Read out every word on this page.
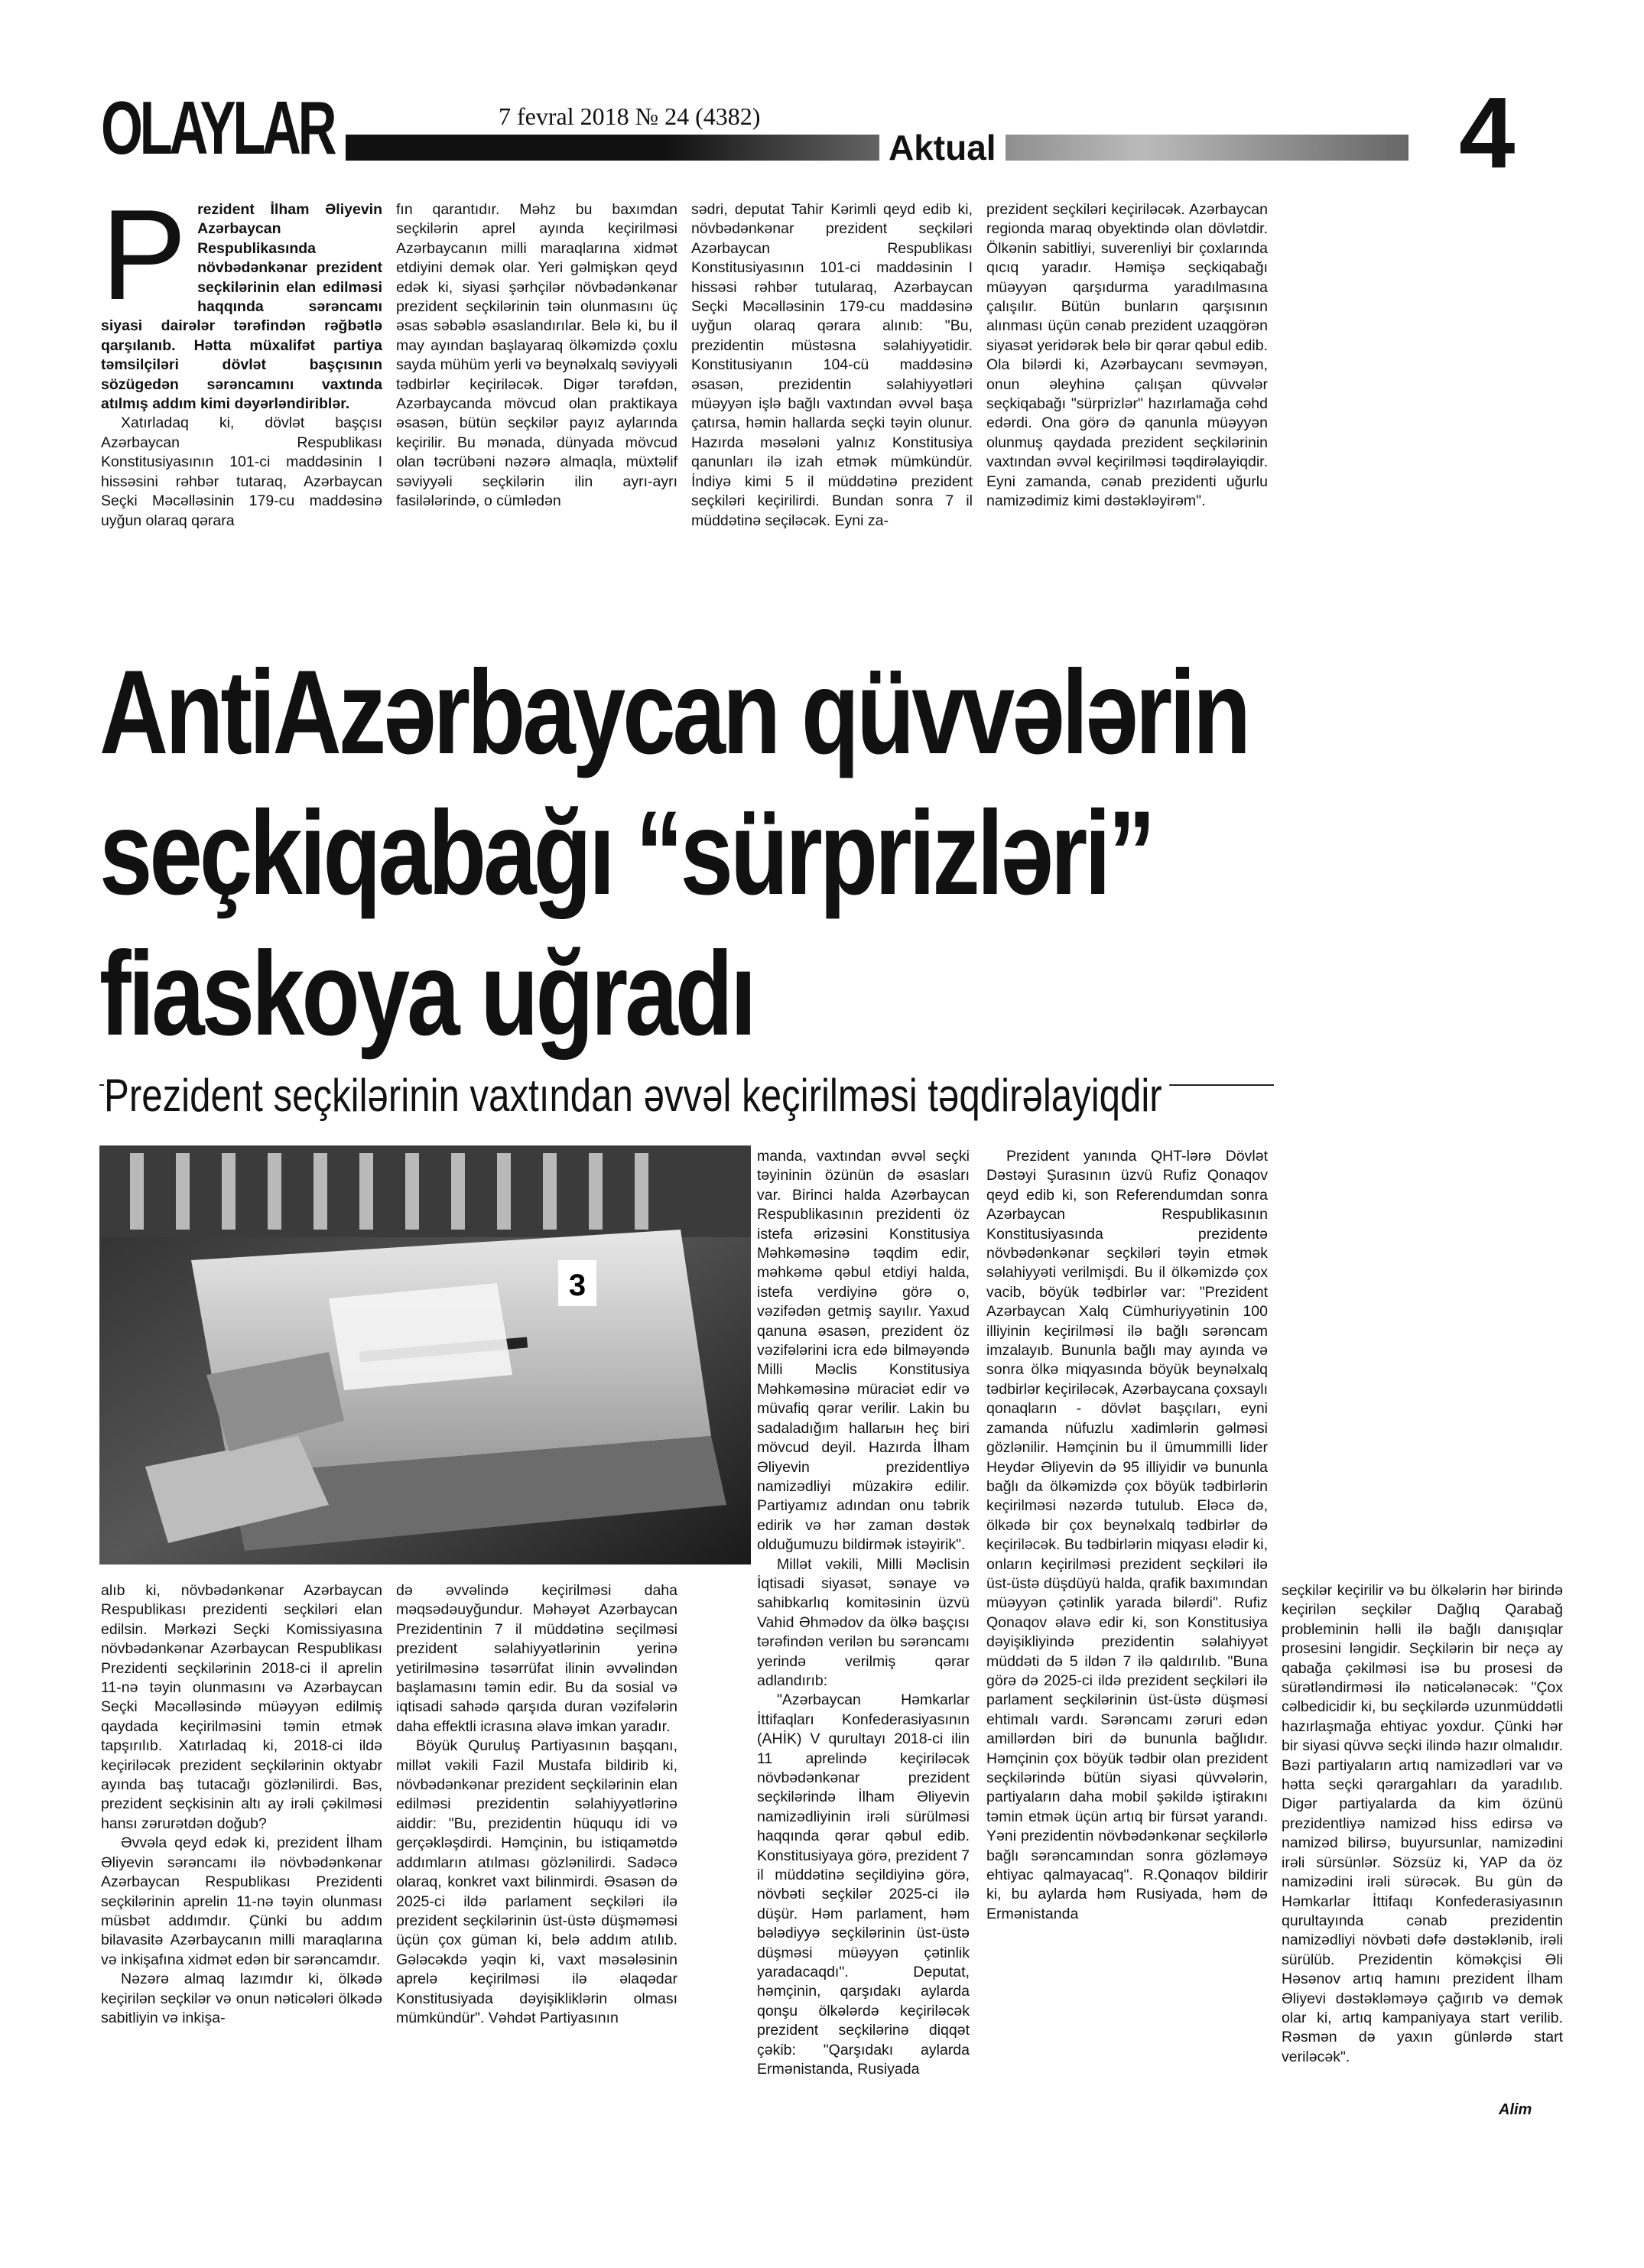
OLAYLAR	7 fevral 2018 № 24 (4382)
Aktual	4
P rezident İlham Əliyevin Azərbaycan Respublikasında növbədənkənar prezident seçkilərinin elan edilməsi haqqında sərəncamı siyasi dairələr tərəfindən rəğbətlə qarşılanıb. Hətta müxalifət partiya təmsilçiləri dövlət başçısının sözügedən sərəncamını vaxtında atılmış addım kimi dəyərləndiriblər.

Xatırladaq ki, dövlət başçısı Azərbaycan Respublikası Konstitusiyasının 101-ci maddəsinin I hissəsini rəhbər tutaraq, Azərbaycan Seçki Məcəlləsinin 179-cu maddəsinə uyğun olaraq qərara

fın qarantıdır. Məhz bu baxımdan seçkilərin aprel ayında keçirilməsi Azərbaycanın milli maraqlarına xidmət etdiyini demək olar. Yeri gəlmişkən qeyd edək ki, siyasi şərhçilər növbədənkənar prezident seçkilərinin təin olunmasını üç əsas səbəblə əsaslandırılar. Belə ki, bu il may ayından başlayaraq ölkəmizdə çoxlu sayda mühüm yerli və beynəlxalq səviyyəli tədbirlər keçiriləcək. Digər tərəfdən, Azərbaycanda mövcud olan praktikaya əsasən, bütün seçkilər payız aylarında keçirilir. Bu mənada, dünyada mövcud olan təcrübəni nəzərə almaqla, müxtəlif səviyyəli seçkilərin ilin ayrı-ayrı fasilələrində, o cümlədən

sədri, deputat Tahir Kərimli qeyd edib ki, növbədənkənar prezident seçkiləri Azərbaycan Respublikası Konstitusiyasının 101-ci maddəsinin I hissəsi rəhbər tutularaq, Azərbaycan Seçki Məcəlləsinin 179-cu maddəsinə uyğun olaraq qərara alınıb: "Bu, prezidentin müstəsna səlahiyyətidir. Konstitusiyanın 104-cü maddəsinə əsasən, prezidentin səlahiyyətləri müəyyən işlə bağlı vaxtından əvvəl başa çatırsa, həmin hallarda seçki təyin olunur. Hazırda məsələni yalnız Konstitusiya qanunları ilə izah etmək mümkündür. İndiyə kimi 5 il müddətinə prezident seçkiləri keçirilirdi. Bundan sonra 7 il müddətinə seçiləcək. Eyni za-

prezident seçkiləri keçiriləcək. Azərbaycan regionda maraq obyektində olan dövlətdir. Ölkənin sabitliyi, suverenliyi bir çoxlarında qıcıq yaradır. Həmişə seçkiqabağı müəyyən qarşıdurma yaradılmasına çalışılır. Bütün bunların qarşısının alınması üçün cənab prezident uzaqgörən siyasət yeridərək belə bir qərar qəbul edib. Ola bilərdi ki, Azərbaycanı sevməyən, onun əleyhinə çalışan qüvvələr seçkiqabağı "sürprizlər" hazırlamağa cəhd edərdi. Ona görə də qanunla müəyyən olunmuş qaydada prezident seçkilərinin vaxtından əvvəl keçirilməsi təqdirəlayiqdir. Eyni zamanda, cənab prezidenti uğurlu namizədimiz kimi dəstəkləyirəm".

AntiAzərbaycan qüvvələrin
seçkiqabağı “sürprizləri”
fiaskoya uğradı
Prezident seçkilərinin vaxtından əvvəl keçirilməsi təqdirəlayiqdir
3

manda, vaxtından əvvəl seçki təyininin özünün də əsasları var. Birinci halda Azərbaycan Respublikasının prezidenti öz istefa ərizəsini Konstitusiya Məhkəməsinə təqdim edir, məhkəmə qəbul etdiyi halda, istefa verdiyinə görə o, vəzifədən getmiş sayılır. Yaxud qanuna əsasən, prezident öz vəzifələrini icra edə bilməyəndə Milli Məclis Konstitusiya Məhkəməsinə müraciət edir və müvafiq qərar verilir. Lakin bu sadaladığım hallarын heç biri mövcud deyil. Hazırda İlham Əliyevin prezidentliyə namizədliyi müzakirə edilir. Partiyamız adından onu təbrik edirik və hər zaman dəstək olduğumuzu bildirmək istəyirik".

Millət vəkili, Milli Məclisin İqtisadi siyasət, sənaye və sahibkarlıq komitəsinin üzvü Vahid Əhmədov da ölkə başçısı tərəfindən verilən bu sərəncamı yerində verilmiş qərar adlandırıb:

"Azərbaycan Həmkarlar İttifaqları Konfederasiyasının (AHİK) V qurultayı 2018-ci ilin 11 aprelində keçiriləcək növbədənkənar prezident seçkilərində İlham Əliyevin namizədliyinin irəli sürülməsi haqqında qərar qəbul edib. Konstitusiyaya görə, prezident 7 il müddətinə seçildiyinə görə, növbəti seçkilər 2025-ci ilə düşür. Həm parlament, həm bələdiyyə seçkilərinin üst-üstə düşməsi müəyyən çətinlik yaradacaqdı". Deputat, həmçinin, qarşıdakı aylarda qonşu ölkələrdə keçiriləcək prezident seçkilərinə diqqət çəkib: "Qarşıdakı aylarda Ermənistanda, Rusiyada

Prezident yanında QHT-lərə Dövlət Dəstəyi Şurasının üzvü Rufiz Qonaqov qeyd edib ki, son Referendumdan sonra Azərbaycan Respublikasının Konstitusiyasında prezidentə növbədənkənar seçkiləri təyin etmək səlahiyyəti verilmişdi. Bu il ölkəmizdə çox vacib, böyük tədbirlər var: "Prezident Azərbaycan Xalq Cümhuriyyətinin 100 illiyinin keçirilməsi ilə bağlı sərəncam imzalayıb. Bununla bağlı may ayında və sonra ölkə miqyasında böyük beynəlxalq tədbirlər keçiriləcək, Azərbaycana çoxsaylı qonaqların - dövlət başçıları, eyni zamanda nüfuzlu xadimlərin gəlməsi gözlənilir. Həmçinin bu il ümummilli lider Heydər Əliyevin də 95 illiyidir və bununla bağlı da ölkəmizdə çox böyük tədbirlərin keçirilməsi nəzərdə tutulub. Eləcə də, ölkədə bir çox beynəlxalq tədbirlər də keçiriləcək. Bu tədbirlərin miqyası elədir ki, onların keçirilməsi prezident seçkiləri ilə üst-üstə düşdüyü halda, qrafik baxımından müəyyən çətinlik yarada bilərdi". Rufiz Qonaqov əlavə edir ki, son Konstitusiya dəyişikliyində prezidentin səlahiyyət müddəti də 5 ildən 7 ilə qaldırılıb. "Buna görə də 2025-ci ildə prezident seçkiləri ilə parlament seçkilərinin üst-üstə düşməsi ehtimalı vardı. Sərəncamı zəruri edən amillərdən biri də bununla bağlıdır. Həmçinin çox böyük tədbir olan prezident seçkilərində bütün siyasi qüvvələrin, partiyaların daha mobil şəkildə iştirakını təmin etmək üçün artıq bir fürsət yarandı. Yəni prezidentin növbədənkənar seçkilərlə bağlı sərəncamından sonra gözləməyə ehtiyac qalmayacaq". R.Qonaqov bildirir ki, bu aylarda həm Rusiyada, həm də Ermənistanda

alıb ki, növbədənkənar Azərbaycan Respublikası prezidenti seçkiləri elan edilsin. Mərkəzi Seçki Komissiyasına növbədənkənar Azərbaycan Respublikası Prezidenti seçkilərinin 2018-ci il aprelin 11-nə təyin olunmasını və Azərbaycan Seçki Məcəlləsində müəyyən edilmiş qaydada keçirilməsini təmin etmək tapşırılıb. Xatırladaq ki, 2018-ci ildə keçiriləcək prezident seçkilərinin oktyabr ayında baş tutacağı gözlənilirdi. Bəs, prezident seçkisinin altı ay irəli çəkilməsi hansı zərurətdən doğub?

Əvvəla qeyd edək ki, prezident İlham Əliyevin sərəncamı ilə növbədənkənar Azərbaycan Respublikası Prezidenti seçkilərinin aprelin 11-nə təyin olunması müsbət addımdır. Çünki bu addım bilavasitə Azərbaycanın milli maraqlarına və inkişafına xidmət edən bir sərəncamdır.

Nəzərə almaq lazımdır ki, ölkədə keçirilən seçkilər və onun nəticələri ölkədə sabitliyin və inkişa-

də əvvəlində keçirilməsi daha məqsədəuyğundur. Məhəyət Azərbaycan Prezidentinin 7 il müddətinə seçilməsi prezident səlahiyyətlərinin yerinə yetirilməsinə təsərrüfat ilinin əvvəlindən başlamasını təmin edir. Bu da sosial və iqtisadi sahədə qarşıda duran vəzifələrin daha effektli icrasına əlavə imkan yaradır.

Böyük Quruluş Partiyasının başqanı, millət vəkili Fazil Mustafa bildirib ki, növbədənkənar prezident seçkilərinin elan edilməsi prezidentin səlahiyyətlərinə aiddir: "Bu, prezidentin hüququ idi və gerçəkləşdirdi. Həmçinin, bu istiqamətdə addımların atılması gözlənilirdi. Sadəcə olaraq, konkret vaxt bilinmirdi. Əsasən də 2025-ci ildə parlament seçkiləri ilə prezident seçkilərinin üst-üstə düşməməsi üçün çox güman ki, belə addım atılıb. Gələcəkdə yəqin ki, vaxt məsələsinin aprelə keçirilməsi ilə əlaqədar Konstitusiyada dəyişikliklərin olması mümkündür". Vəhdət Partiyasının

seçkilər keçirilir və bu ölkələrin hər birində keçirilən seçkilər Dağlıq Qarabağ probleminin həlli ilə bağlı danışıqlar prosesini ləngidir. Seçkilərin bir neçə ay qabağa çəkilməsi isə bu prosesi də sürətləndirməsi ilə nəticələnəcək: "Çox cəlbedicidir ki, bu seçkilərdə uzunmüddətli hazırlaşmağa ehtiyac yoxdur. Çünki hər bir siyasi qüvvə seçki ilində hazır olmalıdır. Bəzi partiyaların artıq namizədləri var və hətta seçki qərargahları da yaradılıb. Digər partiyalarda da kim özünü prezidentliyə namizəd hiss edirsə və namizəd bilirsə, buyursunlar, namizədini irəli sürsünlər. Sözsüz ki, YAP da öz namizədini irəli sürəcək. Bu gün də Həmkarlar İttifaqı Konfederasiyasının qurultayında cənab prezidentin namizədliyi növbəti dəfə dəstəklənib, irəli sürülüb. Prezidentin köməkçisi Əli Həsənov artıq hamını prezident İlham Əliyevi dəstəkləməyə çağırıb və demək olar ki, artıq kampaniyaya start verilib. Rəsmən də yaxın günlərdə start veriləcək".

Alim
